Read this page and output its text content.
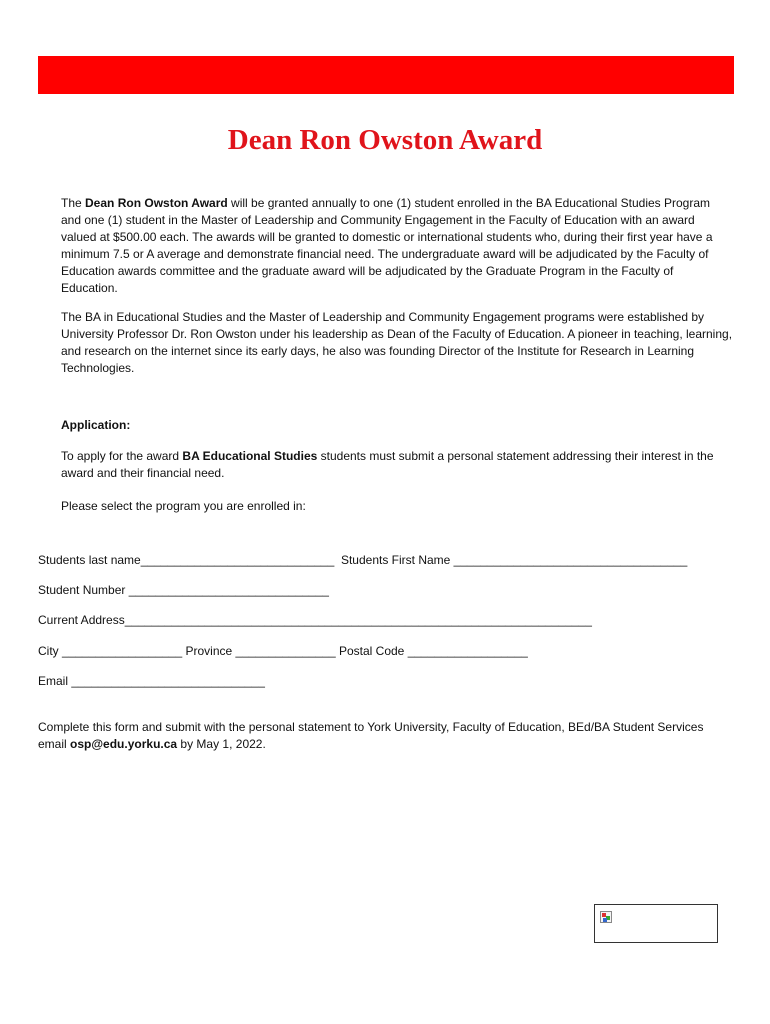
Dean Ron Owston Award

The Dean Ron Owston Award will be granted annually to one (1) student enrolled in the BA Educational Studies Program and one (1) student in the Master of Leadership and Community Engagement in the Faculty of Education with an award valued at $500.00 each. The awards will be granted to domestic or international students who, during their first year have a minimum 7.5 or A average and demonstrate financial need. The undergraduate award will be adjudicated by the Faculty of Education awards committee and the graduate award will be adjudicated by the Graduate Program in the Faculty of Education.

The BA in Educational Studies and the Master of Leadership and Community Engagement programs were established by University Professor Dr. Ron Owston under his leadership as Dean of the Faculty of Education. A pioneer in teaching, learning, and research on the internet since its early days, he also was founding Director of the Institute for Research in Learning Technologies.

Application:

To apply for the award BA Educational Studies students must submit a personal statement addressing their interest in the award and their financial need.

Please select the program you are enrolled in:

Students last name_____________________________ Students First Name ___________________________________

Student Number ______________________________

Current Address______________________________________________________________________

City __________________ Province _______________ Postal Code __________________

Email _____________________________

Complete this form and submit with the personal statement to York University, Faculty of Education, BEd/BA Student Services email osp@edu.yorku.ca by May 1, 2022.
